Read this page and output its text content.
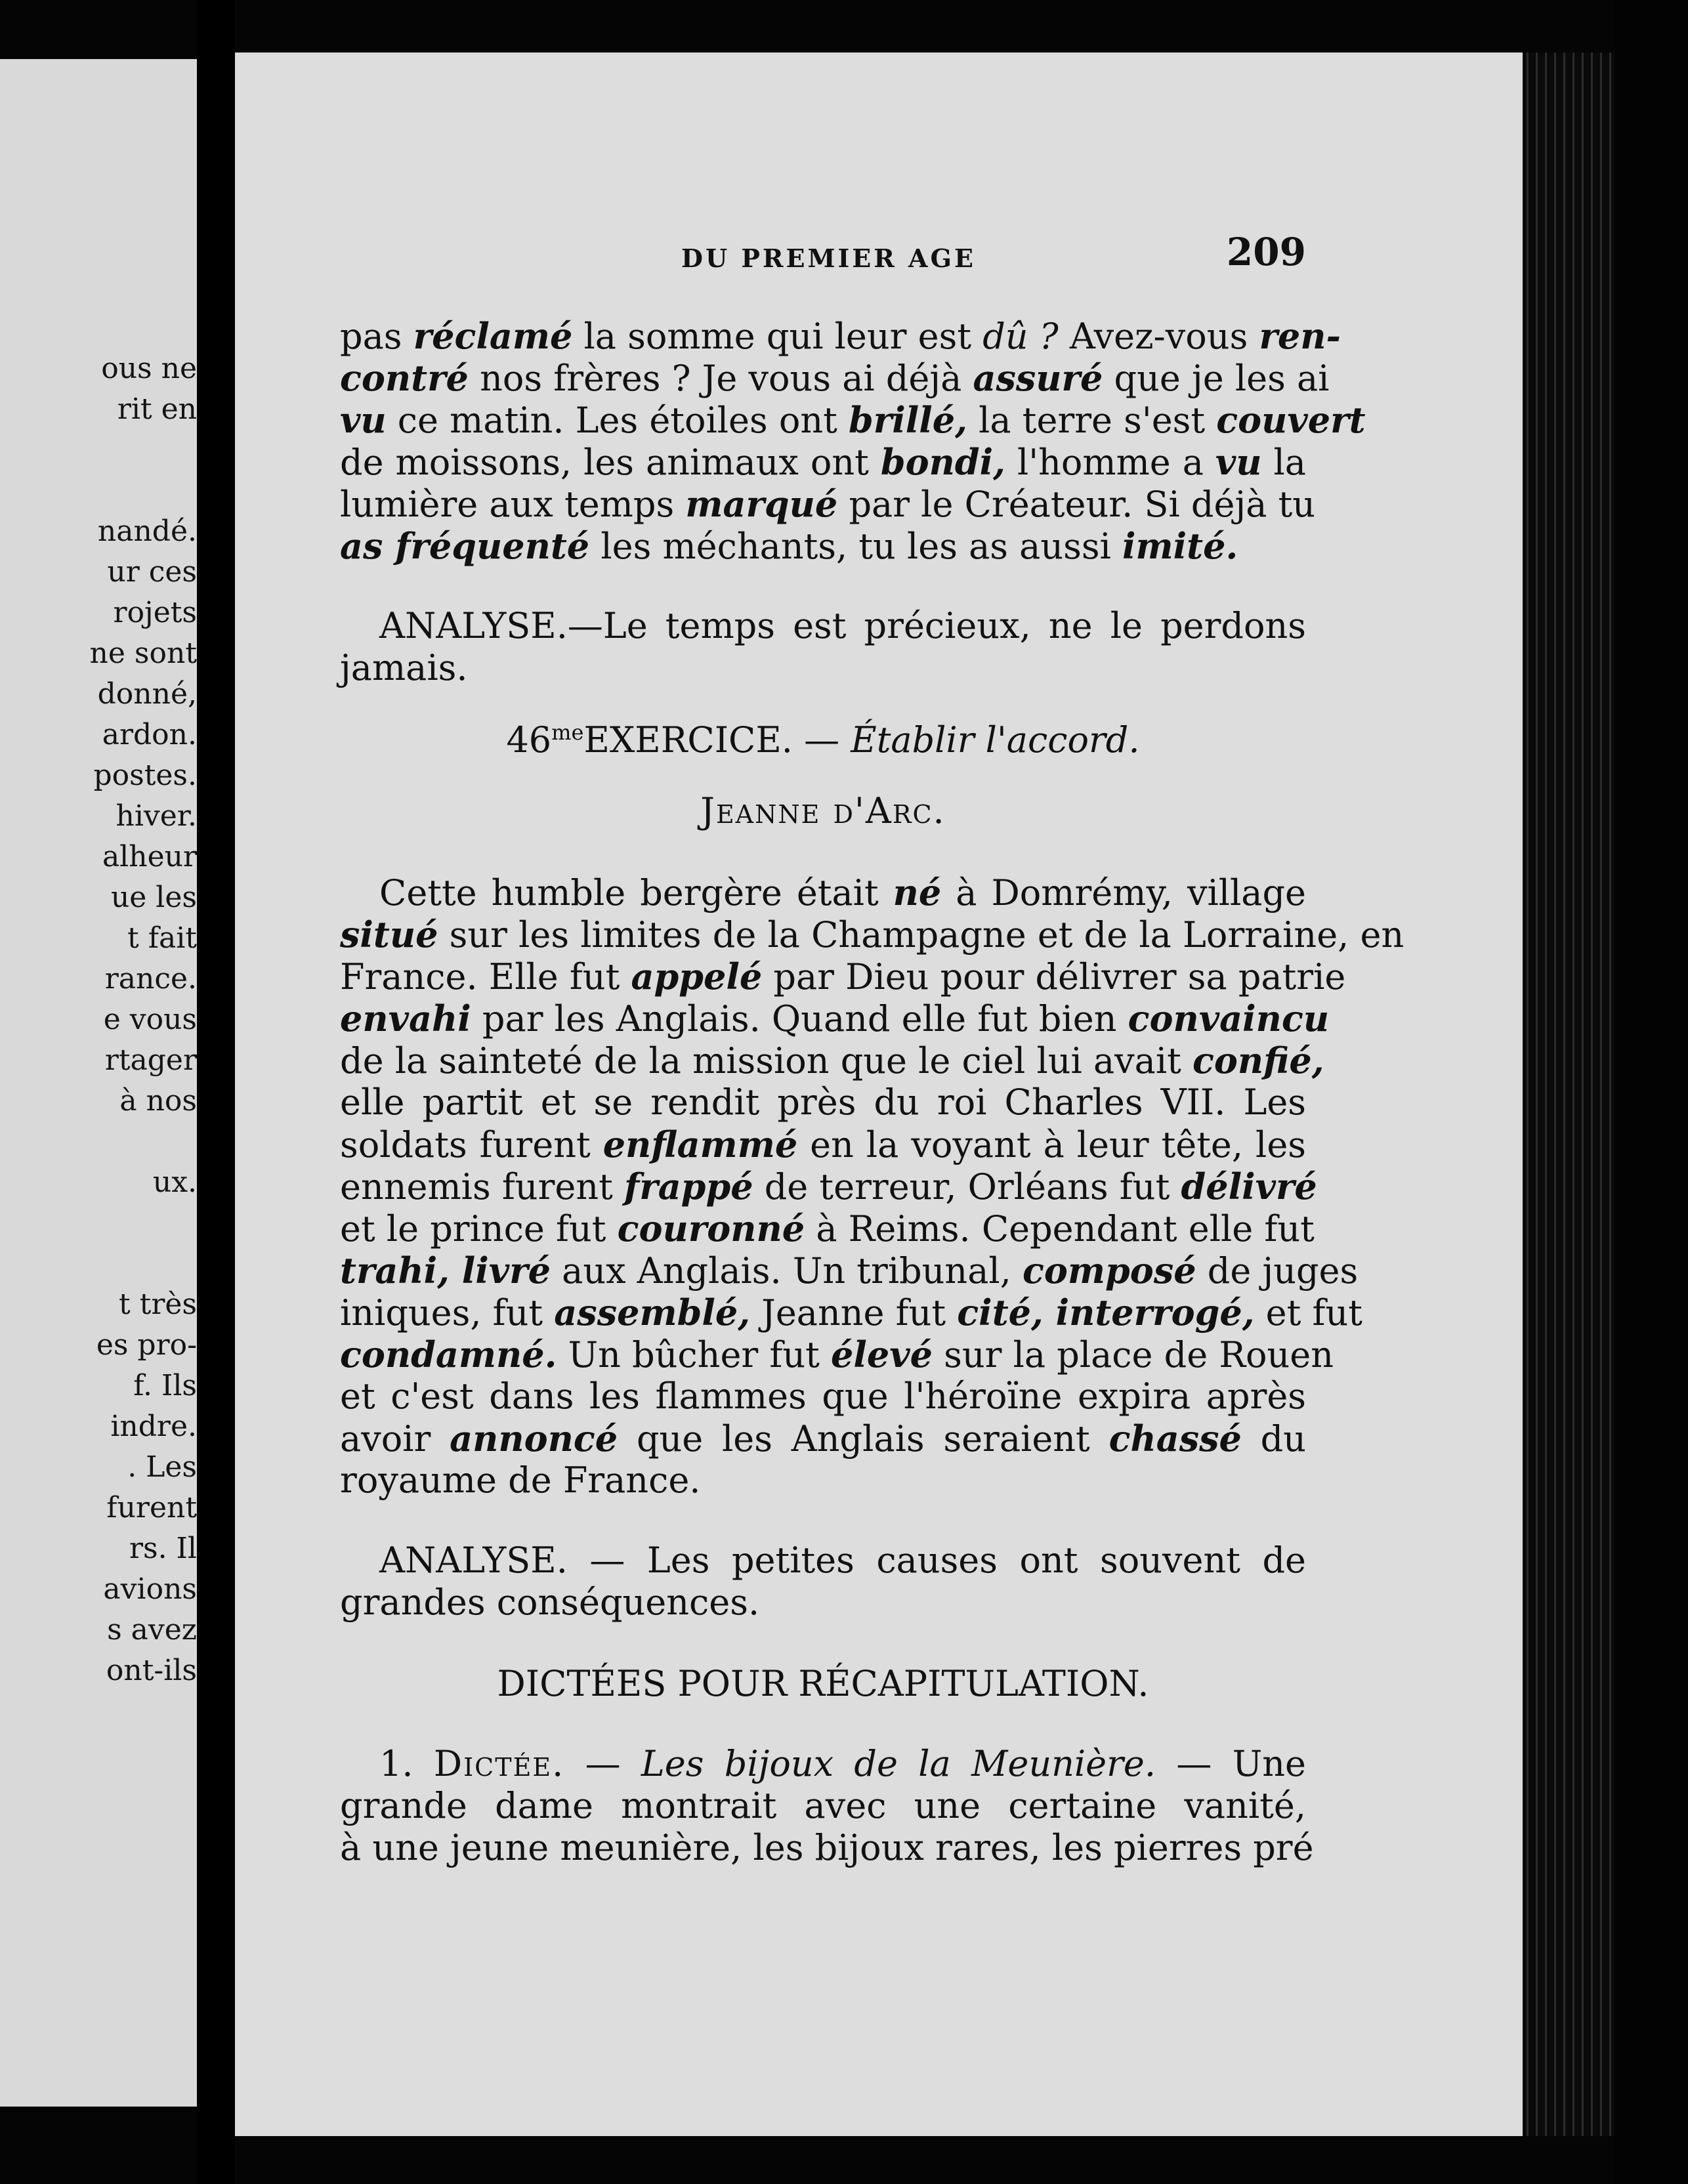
ous ne
rit en
nandé.
ur ces
rojets
ne sont
donné,
ardon.
postes.
hiver.
alheur
ue les
t fait
rance.
e vous
rtager
à nos
ux.
t très
es pro-
f. Ils
indre.
. Les
furent
rs. Il
avions
s avez
ont-ils
DU PREMIER AGE	209
pas réclamé la somme qui leur est dû ? Avez-vous ren-
contré nos frères ? Je vous ai déjà assuré que je les ai
vu ce matin. Les étoiles ont brillé, la terre s'est couvert
de moissons, les animaux ont bondi, l'homme a vu la
lumière aux temps marqué par le Créateur. Si déjà tu
as fréquenté les méchants, tu les as aussi imité.
ANALYSE.—Le temps est précieux, ne le perdons
jamais.
$46^{me}EXERCICE$. — Établir l'accord.
Jeanne d'Arc.
Cette humble bergère était né à Domrémy, village
situé sur les limites de la Champagne et de la Lorraine, en
France. Elle fut appelé par Dieu pour délivrer sa patrie
envahi par les Anglais. Quand elle fut bien convaincu
de la sainteté de la mission que le ciel lui avait confié,
elle partit et se rendit près du roi Charles VII. Les
soldats furent enflammé en la voyant à leur tête, les
ennemis furent frappé de terreur, Orléans fut délivré
et le prince fut couronné à Reims. Cependant elle fut
trahi, livré aux Anglais. Un tribunal, composé de juges
iniques, fut assemblé, Jeanne fut cité, interrogé, et fut
condamné. Un bûcher fut élevé sur la place de Rouen
et c'est dans les flammes que l'héroïne expira après
avoir annoncé que les Anglais seraient chassé du
royaume de France.
ANALYSE. — Les petites causes ont souvent de
grandes conséquences.
DICTÉES POUR RÉCAPITULATION.
1. Dictée. — Les bijoux de la Meunière. — Une
grande dame montrait avec une certaine vanité,
à une jeune meunière, les bijoux rares, les pierres pré
